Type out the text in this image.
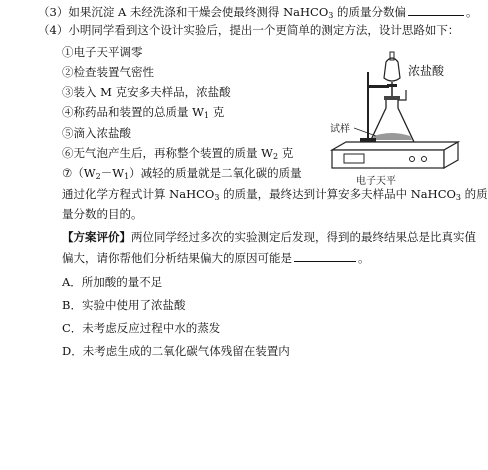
（3）如果沉淀 A 未经洗涤和干燥会使最终测得 NaHCO$_3$ 的质量分数偏	。
（4）小明同学看到这个设计实验后，提出一个更简单的测定方法，设计思路如下：
①电子天平调零
②检查装置气密性
③装入 M 克安多夫样品，浓盐酸
④称药品和装置的总质量 $W_1$ 克
⑤滴入浓盐酸
⑥无气泡产生后，再称整个装置的质量 $W_2$ 克
$⑦(W_2-W_1)$减轻的质量就是二氧化碳的质量
通过化学方程式计算 NaHCO$_3$ 的质量，最终达到计算安多夫样品中 NaHCO$_3$ 的质
量分数的目的。
【方案评价】两位同学经过多次的实验测定后发现，得到的最终结果总是比真实值
偏大，请你帮他们分析结果偏大的原因可能是	。
A．所加酸的量不足
B．实验中使用了浓盐酸
C．未考虑反应过程中水的蒸发
D．未考虑生成的二氧化碳气体残留在装置内
浓盐酸
试样
电子天平
